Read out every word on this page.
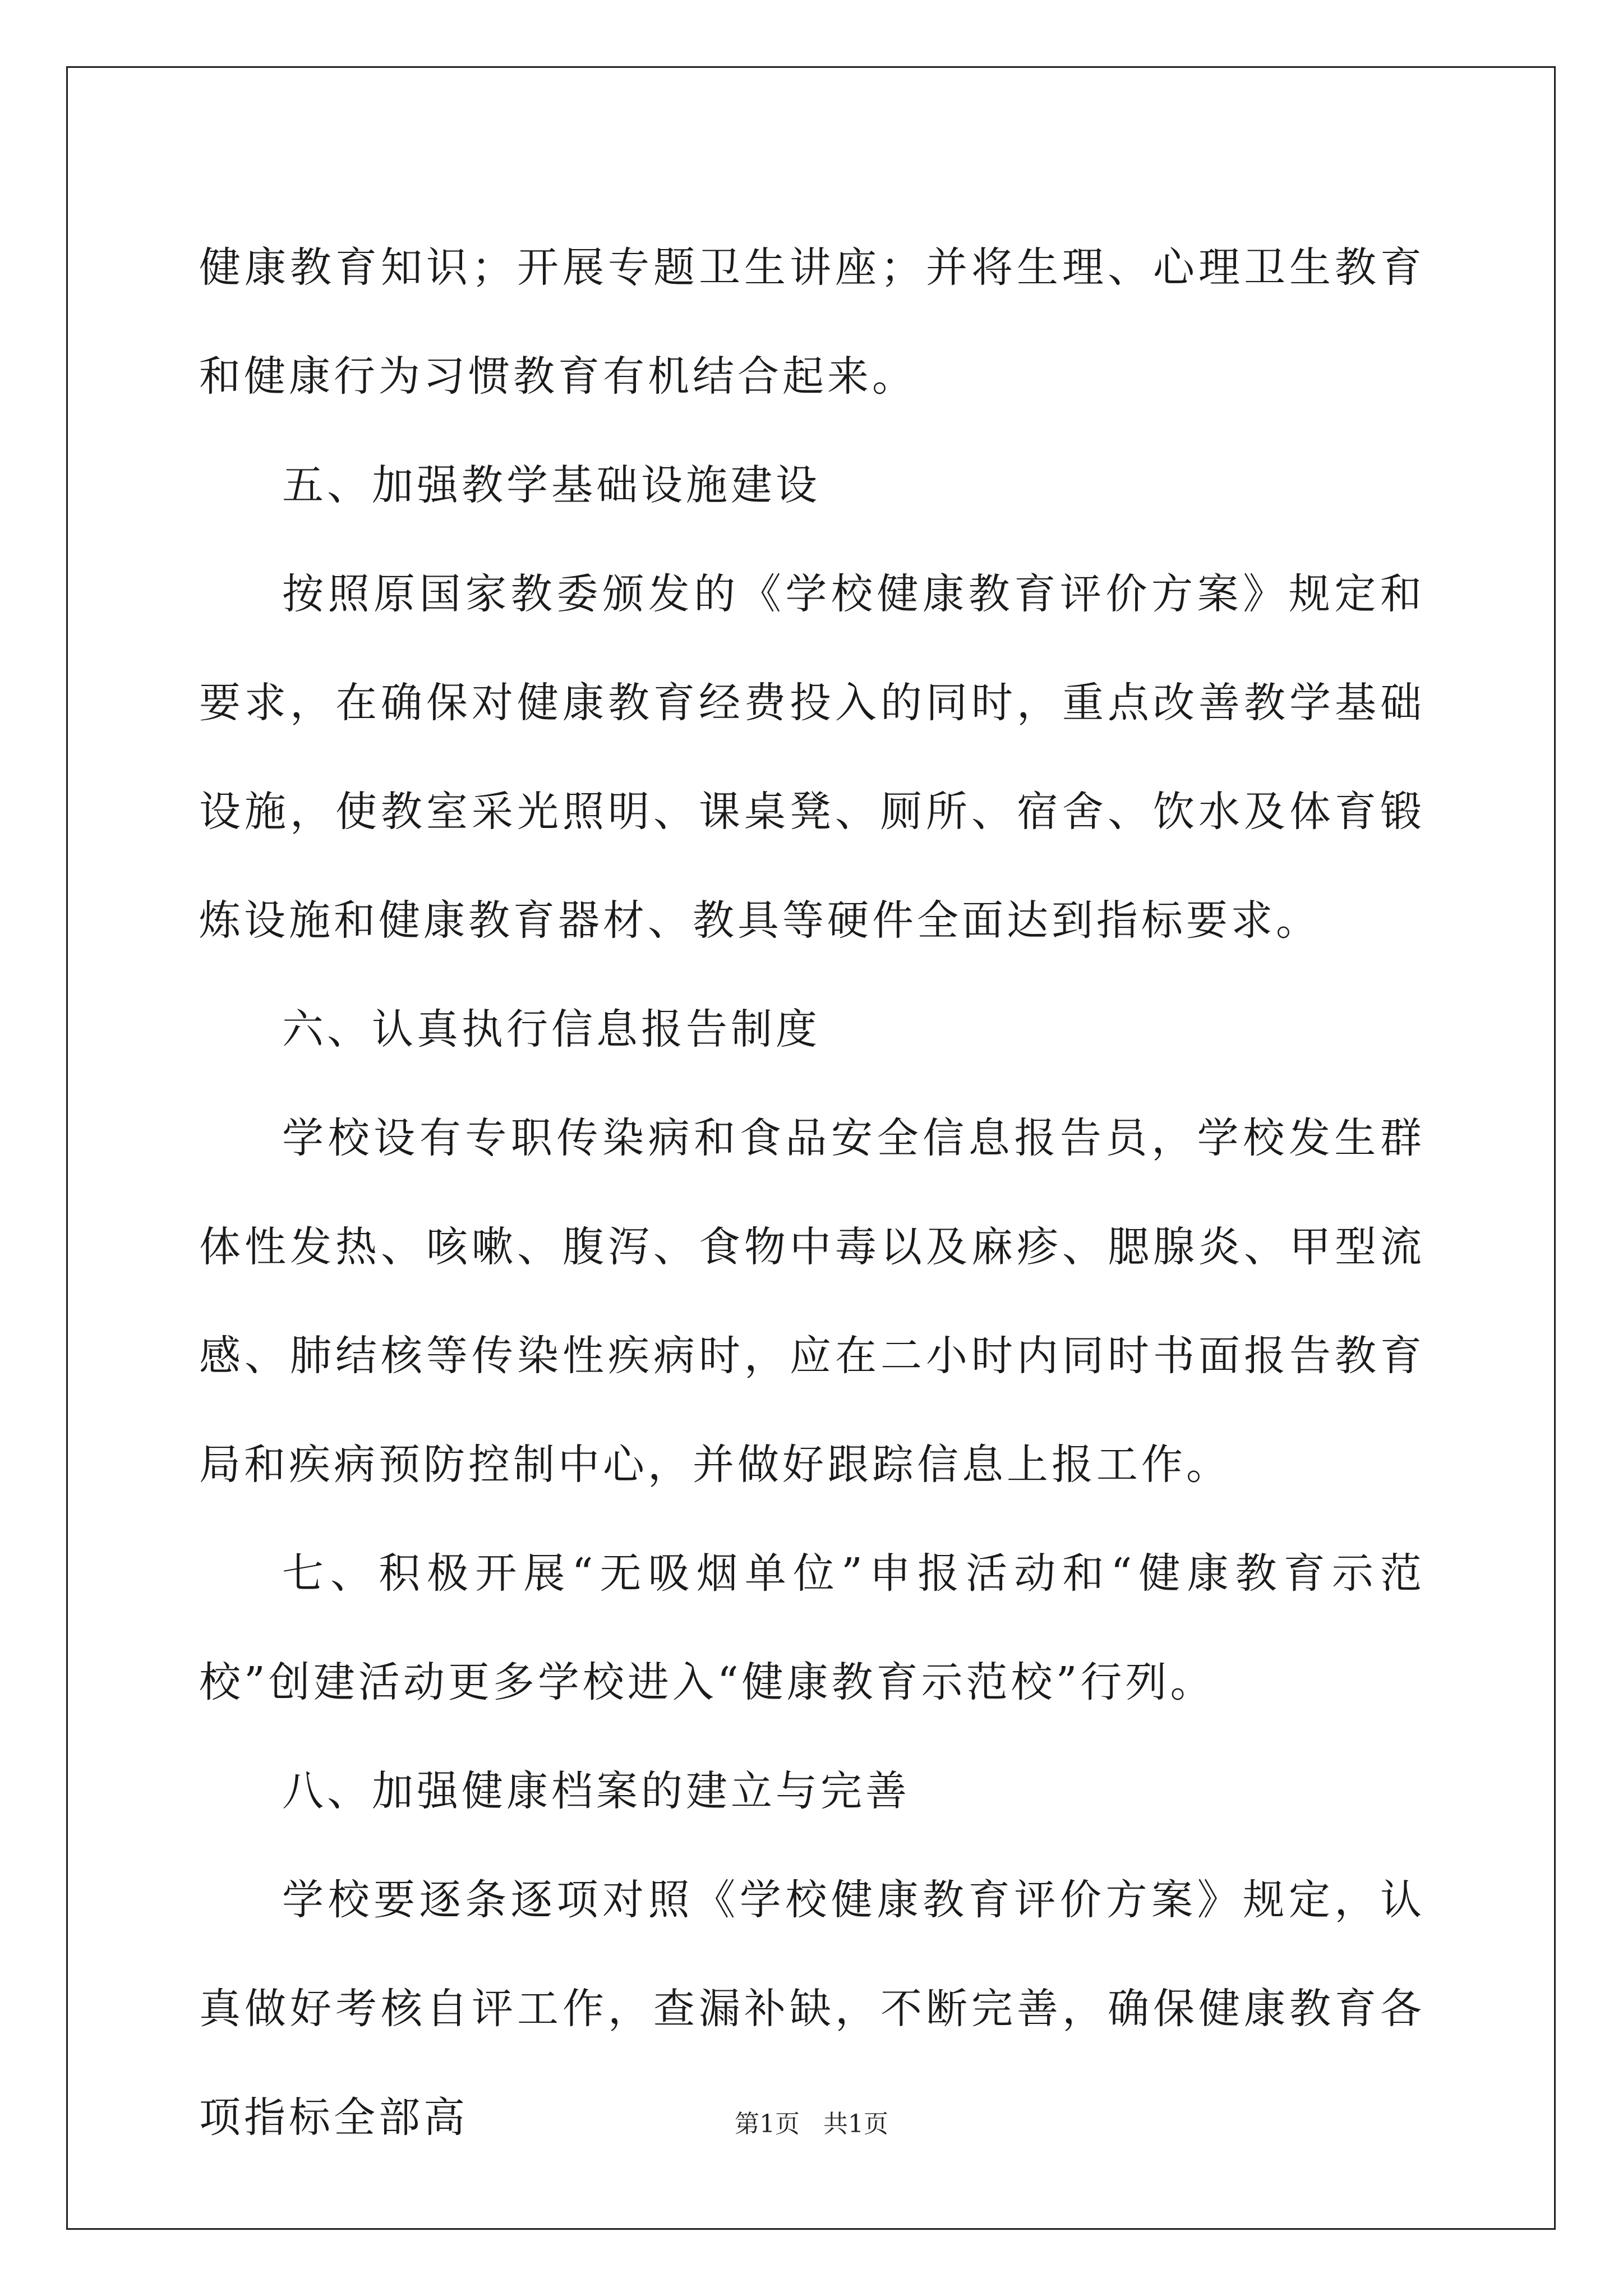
健康教育知识；开展专题卫生讲座；并将生理、心理卫生教育和健康行为习惯教育有机结合起来。

五、加强教学基础设施建设

按照原国家教委颁发的《学校健康教育评价方案》规定和要求，在确保对健康教育经费投入的同时，重点改善教学基础设施，使教室采光照明、课桌凳、厕所、宿舍、饮水及体育锻炼设施和健康教育器材、教具等硬件全面达到指标要求。

六、认真执行信息报告制度

学校设有专职传染病和食品安全信息报告员，学校发生群体性发热、咳嗽、腹泻、食物中毒以及麻疹、腮腺炎、甲型流感、肺结核等传染性疾病时，应在二小时内同时书面报告教育局和疾病预防控制中心，并做好跟踪信息上报工作。

七、积极开展“无吸烟单位”申报活动和“健康教育示范校”创建活动更多学校进入“健康教育示范校”行列。

八、加强健康档案的建立与完善

学校要逐条逐项对照《学校健康教育评价方案》规定，认真做好考核自评工作，查漏补缺，不断完善，确保健康教育各项指标全部高	第1页 共1页
